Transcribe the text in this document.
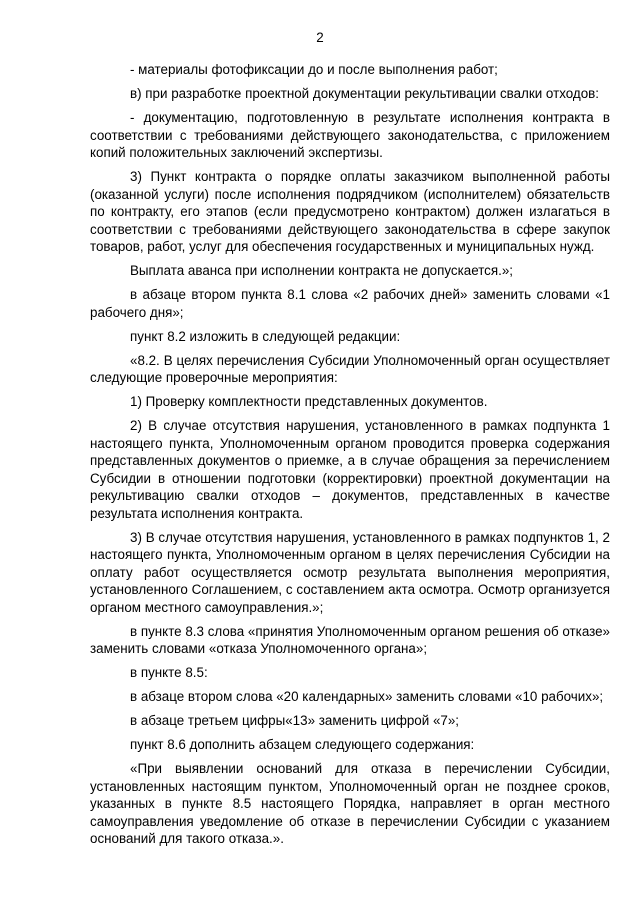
2

- материалы фотофиксации до и после выполнения работ;

в) при разработке проектной документации рекультивации свалки отходов:

- документацию, подготовленную в результате исполнения контракта в соответствии с требованиями действующего законодательства, с приложением копий положительных заключений экспертизы.

3) Пункт контракта о порядке оплаты заказчиком выполненной работы (оказанной услуги) после исполнения подрядчиком (исполнителем) обязательств по контракту, его этапов (если предусмотрено контрактом) должен излагаться в соответствии с требованиями действующего законодательства в сфере закупок товаров, работ, услуг для обеспечения государственных и муниципальных нужд.

Выплата аванса при исполнении контракта не допускается.»;

в абзаце втором пункта 8.1 слова «2 рабочих дней» заменить словами «1 рабочего дня»;

пункт 8.2 изложить в следующей редакции:

«8.2. В целях перечисления Субсидии Уполномоченный орган осуществляет следующие проверочные мероприятия:

1) Проверку комплектности представленных документов.

2) В случае отсутствия нарушения, установленного в рамках подпункта 1 настоящего пункта, Уполномоченным органом проводится проверка содержания представленных документов о приемке, а в случае обращения за перечислением Субсидии в отношении подготовки (корректировки) проектной документации на рекультивацию свалки отходов – документов, представленных в качестве результата исполнения контракта.

3) В случае отсутствия нарушения, установленного в рамках подпунктов 1, 2 настоящего пункта, Уполномоченным органом в целях перечисления Субсидии на оплату работ осуществляется осмотр результата выполнения мероприятия, установленного Соглашением, с составлением акта осмотра. Осмотр организуется органом местного самоуправления.»;

в пункте 8.3 слова «принятия Уполномоченным органом решения об отказе» заменить словами «отказа Уполномоченного органа»;

в пункте 8.5:

в абзаце втором слова «20 календарных» заменить словами «10 рабочих»;

в абзаце третьем цифры«13» заменить цифрой «7»;

пункт 8.6 дополнить абзацем следующего содержания:

«При выявлении оснований для отказа в перечислении Субсидии, установленных настоящим пунктом, Уполномоченный орган не позднее сроков, указанных в пункте 8.5 настоящего Порядка, направляет в орган местного самоуправления уведомление об отказе в перечислении Субсидии с указанием оснований для такого отказа.».
